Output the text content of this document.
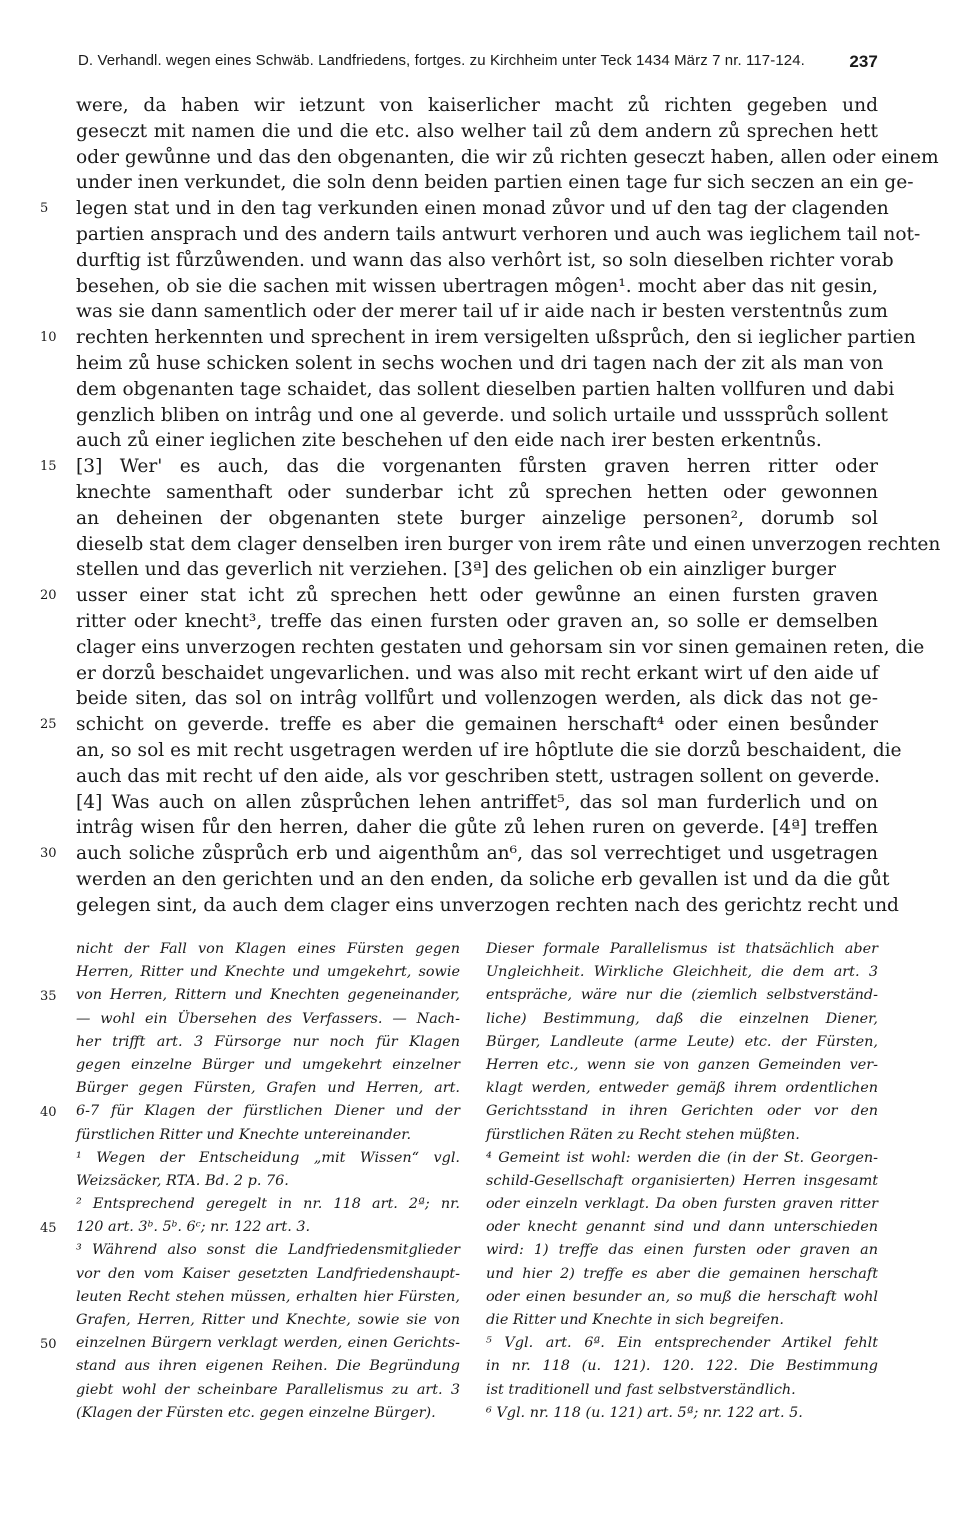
D. Verhandl. wegen eines Schwäb. Landfriedens, fortges. zu Kirchheim unter Teck 1434 März 7 nr. 117-124.	237
were, da haben wir ietzunt von kaiserlicher macht zů richten gegeben und
geseczt mit namen die und die etc. also welher tail zů dem andern zů sprechen hett
oder gewůnne und das den obgenanten, die wir zů richten geseczt haben, allen oder einem
under inen verkundet, die soln denn beiden partien einen tage fur sich seczen an ein ge-
legen stat und in den tag verkunden einen monad zůvor und uf den tag der clagenden
partien ansprach und des andern tails antwurt verhoren und auch was ieglichem tail not-
durftig ist fůrzůwenden. und wann das also verhôrt ist, so soln dieselben richter vorab
besehen, ob sie die sachen mit wissen ubertragen môgen¹. mocht aber das nit gesin,
was sie dann samentlich oder der merer tail uf ir aide nach ir besten verstentnůs zum
rechten herkennten und sprechent in irem versigelten ußsprůch, den si ieglicher partien
heim zů huse schicken solent in sechs wochen und dri tagen nach der zit als man von
dem obgenanten tage schaidet, das sollent dieselben partien halten vollfuren und dabi
genzlich bliben on intrâg und one al geverde. und solich urtaile und usssprůch sollent
auch zů einer ieglichen zite beschehen uf den eide nach irer besten erkentnůs.
[3] Wer' es auch, das die vorgenanten fůrsten graven herren ritter oder
knechte samenthaft oder sunderbar icht zů sprechen hetten oder gewonnen
an deheinen der obgenanten stete burger ainzelige personen², dorumb sol
dieselb stat dem clager denselben iren burger von irem râte und einen unverzogen rechten
stellen und das geverlich nit verziehen. [3ª] des gelichen ob ein ainzliger burger
usser einer stat icht zů sprechen hett oder gewůnne an einen fursten graven
ritter oder knecht³, treffe das einen fursten oder graven an, so solle er demselben
clager eins unverzogen rechten gestaten und gehorsam sin vor sinen gemainen reten, die
er dorzů beschaidet ungevarlichen. und was also mit recht erkant wirt uf den aide uf
beide siten, das sol on intrâg vollfůrt und vollenzogen werden, als dick das not ge-
schicht on geverde. treffe es aber die gemainen herschaft⁴ oder einen besůnder
an, so sol es mit recht usgetragen werden uf ire hôptlute die sie dorzů beschaident, die
auch das mit recht uf den aide, als vor geschriben stett, ustragen sollent on geverde.
[4] Was auch on allen zůsprůchen lehen antriffet⁵, das sol man furderlich und on
intrâg wisen fůr den herren, daher die gůte zů lehen ruren on geverde. [4ª] treffen
auch soliche zůsprůch erb und aigenthům an⁶, das sol verrechtiget und usgetragen
werden an den gerichten und an den enden, da soliche erb gevallen ist und da die gůt
gelegen sint, da auch dem clager eins unverzogen rechten nach des gerichtz recht und
5
10
15
20
25
30
nicht der Fall von Klagen eines Fürsten gegen
Herren, Ritter und Knechte und umgekehrt, sowie
von Herren, Rittern und Knechten gegeneinander,
— wohl ein Übersehen des Verfassers. — Nach-
her trifft art. 3 Fürsorge nur noch für Klagen
gegen einzelne Bürger und umgekehrt einzelner
Bürger gegen Fürsten, Grafen und Herren, art.
6-7 für Klagen der fürstlichen Diener und der
fürstlichen Ritter und Knechte untereinander.
¹ Wegen der Entscheidung „mit Wissen“ vgl.
Weizsäcker, RTA. Bd. 2 p. 76.
² Entsprechend geregelt in nr. 118 art. 2ª; nr.
120 art. 3ᵇ. 5ᵇ. 6ᶜ; nr. 122 art. 3.
³ Während also sonst die Landfriedensmitglieder
vor den vom Kaiser gesetzten Landfriedenshaupt-
leuten Recht stehen müssen, erhalten hier Fürsten,
Grafen, Herren, Ritter und Knechte, sowie sie von
einzelnen Bürgern verklagt werden, einen Gerichts-
stand aus ihren eigenen Reihen. Die Begründung
giebt wohl der scheinbare Parallelismus zu art. 3
(Klagen der Fürsten etc. gegen einzelne Bürger).
35
40
45
50
Dieser formale Parallelismus ist thatsächlich aber
Ungleichheit. Wirkliche Gleichheit, die dem art. 3
entspräche, wäre nur die (ziemlich selbstverständ-
liche) Bestimmung, daß die einzelnen Diener,
Bürger, Landleute (arme Leute) etc. der Fürsten,
Herren etc., wenn sie von ganzen Gemeinden ver-
klagt werden, entweder gemäß ihrem ordentlichen
Gerichtsstand in ihren Gerichten oder vor den
fürstlichen Räten zu Recht stehen müßten.
⁴ Gemeint ist wohl: werden die (in der St. Georgen-
schild-Gesellschaft organisierten) Herren insgesamt
oder einzeln verklagt. Da oben fursten graven ritter
oder knecht genannt sind und dann unterschieden
wird: 1) treffe das einen fursten oder graven an
und hier 2) treffe es aber die gemainen herschaft
oder einen besunder an, so muß die herschaft wohl
die Ritter und Knechte in sich begreifen.
⁵ Vgl. art. 6ª. Ein entsprechender Artikel fehlt
in nr. 118 (u. 121). 120. 122. Die Bestimmung
ist traditionell und fast selbstverständlich.
⁶ Vgl. nr. 118 (u. 121) art. 5ª; nr. 122 art. 5.
